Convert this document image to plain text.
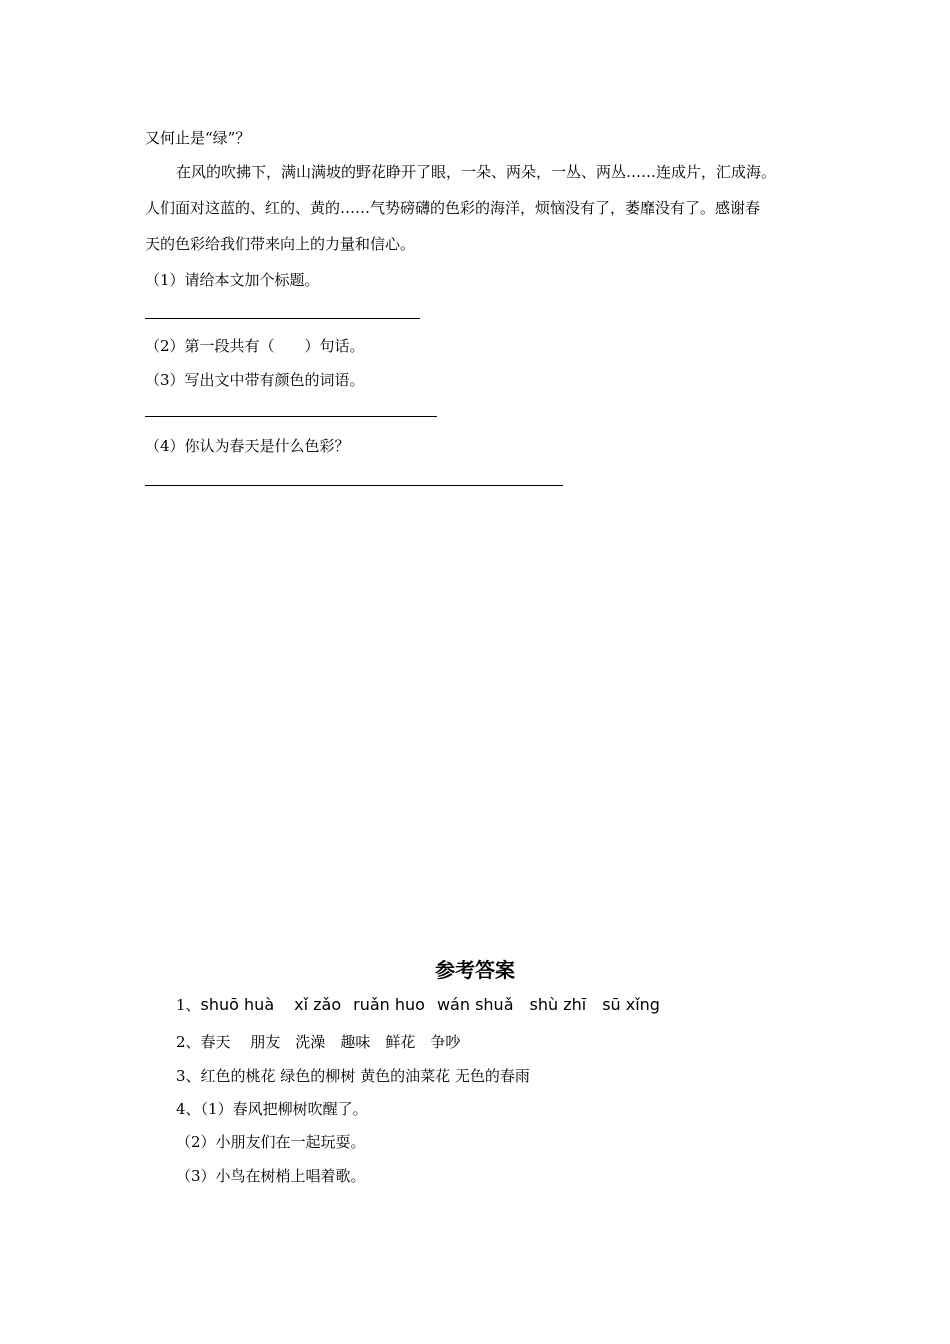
又何止是“绿”？
在风的吹拂下，满山满坡的野花睁开了眼，一朵、两朵，一丛、两丛……连成片，汇成海。
人们面对这蓝的、红的、黄的……气势磅礴的色彩的海洋，烦恼没有了，萎靡没有了。感谢春
天的色彩给我们带来向上的力量和信心。
（1）请给本文加个标题。
（2）第一段共有（　　）句话。
（3）写出文中带有颜色的词语。
（4）你认为春天是什么色彩？
参考答案
1、shuō huà xǐ zǎo ruǎn huo wán shuǎ shù zhī sū xǐng
2、春天　 朋友　洗澡　趣味　鲜花　争吵
3、红色的桃花 绿色的柳树 黄色的油菜花 无色的春雨
4、（1）春风把柳树吹醒了。
（2）小朋友们在一起玩耍。
（3）小鸟在树梢上唱着歌。
